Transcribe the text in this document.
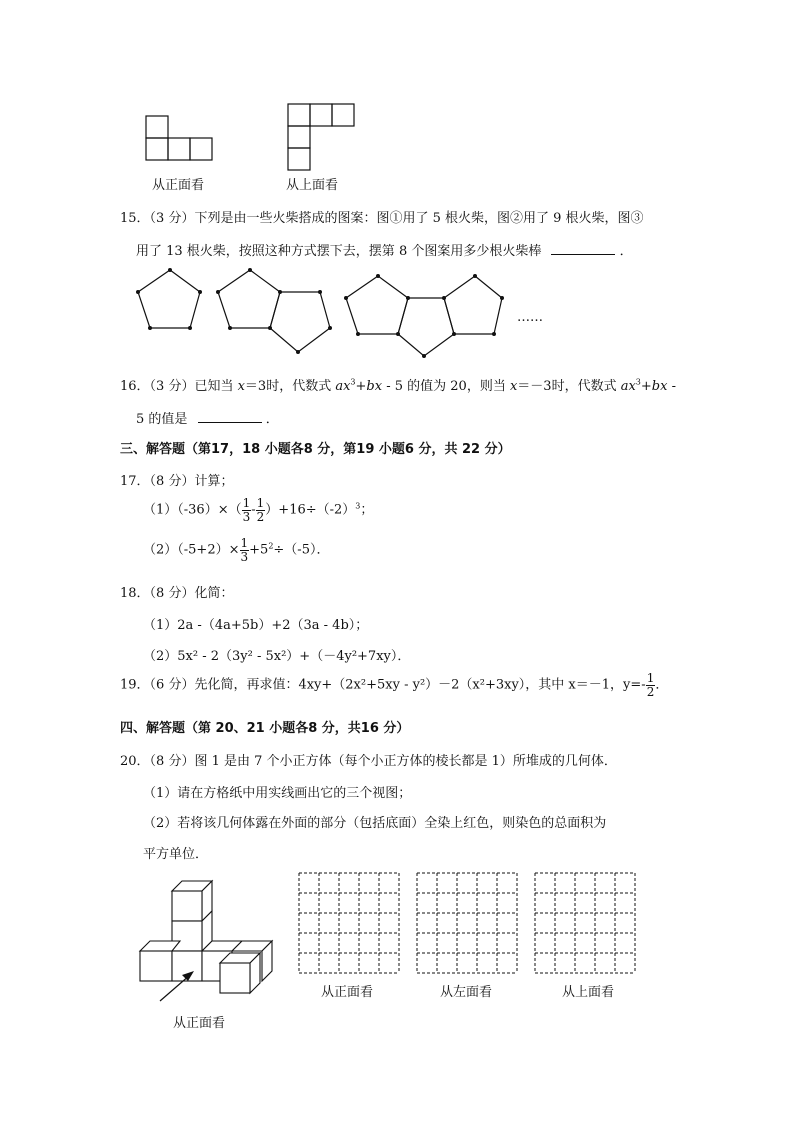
从正面看	从上面看
15．（3 分）下列是由一些火柴搭成的图案：图①用了 5 根火柴，图②用了 9 根火柴，图③
用了 13 根火柴，按照这种方式摆下去，摆第 8 个图案用多少根火柴棒	．
……
16．（3 分）已知当 x＝3时，代数式 $ax^3+bx - 5$ 的值为 20，则当 x＝－3时，代数式 $ax^3+bx$ -
5 的值是	．
三、解答题（第17，18 小题各8 分，第19 小题6 分，共 22 分）
17．（8 分）计算；
$(1)(-36)\times( \frac{1}{3} - \frac{1}{2} )+16\div(-2)^3$；
$(2)(-5+2)\times \frac{1}{3} +5^2\div(-5)$．
18．（8 分）化简：
（1）2a -（4a+5b）+2（3a - 4b）；
（2）5x² - 2（3y² - 5x²）+（－4y²+7xy）．
19．（6 分）先化简，再求值：4xy+（2x²+5xy - y²）－2（x²+3xy），其中 x＝－1，$y=- \frac{1}{2}$ ．
四、解答题（第 20、21 小题各8 分，共16 分）
20．（8 分）图 1 是由 7 个小正方体（每个小正方体的棱长都是 1）所堆成的几何体．
（1）请在方格纸中用实线画出它的三个视图；
（2）若将该几何体露在外面的部分（包括底面）全染上红色，则染色的总面积为
平方单位．
从正面看
从正面看	从左面看	从上面看
